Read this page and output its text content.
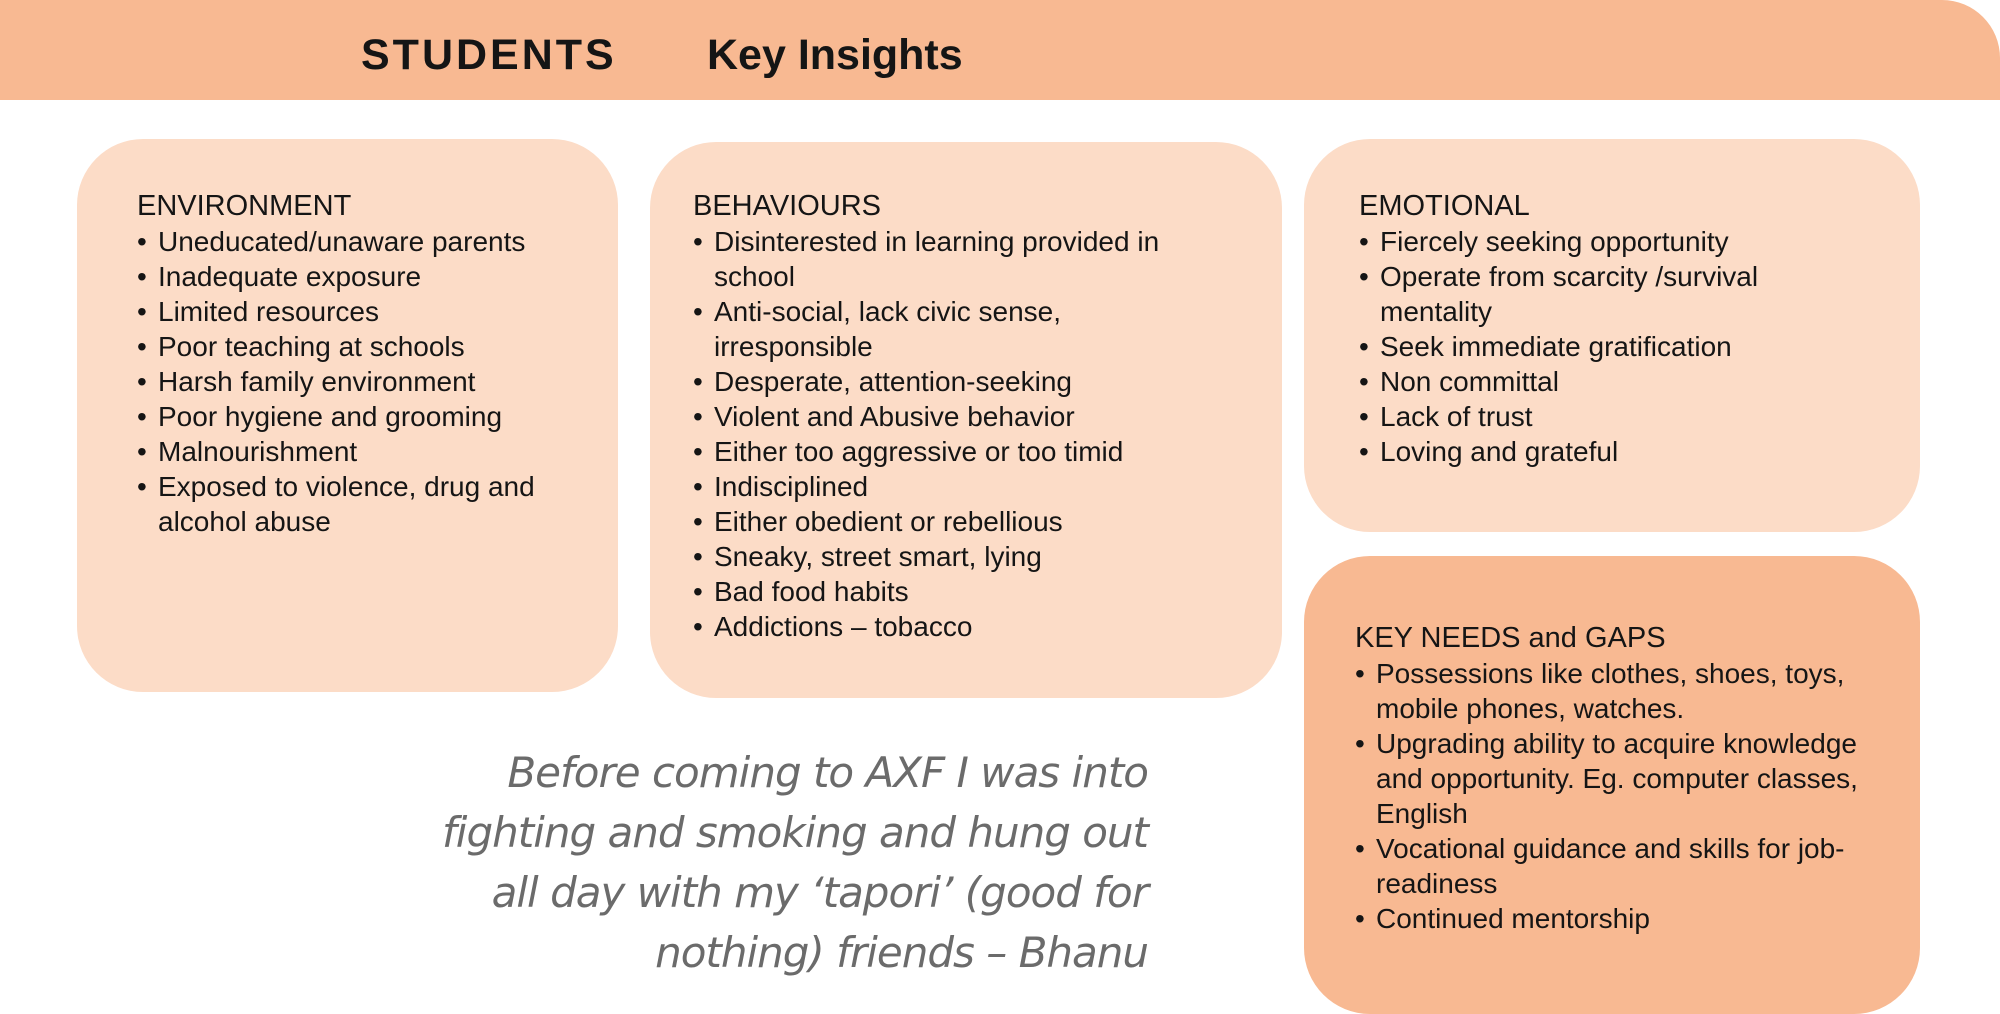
STUDENTS Key Insights
ENVIRONMENT
• Uneducated/unaware parents
• Inadequate exposure
• Limited resources
• Poor teaching at schools
• Harsh family environment
• Poor hygiene and grooming
• Malnourishment
• Exposed to violence, drug and alcohol abuse
BEHAVIOURS
• Disinterested in learning provided in school
• Anti-social, lack civic sense, irresponsible
• Desperate, attention-seeking
• Violent and Abusive behavior
• Either too aggressive or too timid
• Indisciplined
• Either obedient or rebellious
• Sneaky, street smart, lying
• Bad food habits
• Addictions – tobacco
EMOTIONAL
• Fiercely seeking opportunity
• Operate from scarcity /survival mentality
• Seek immediate gratification
• Non committal
• Lack of trust
• Loving and grateful
KEY NEEDS and GAPS
• Possessions like clothes, shoes, toys, mobile phones, watches.
• Upgrading ability to acquire knowledge and opportunity. Eg. computer classes, English
• Vocational guidance and skills for job-readiness
• Continued mentorship
Before coming to AXF I was into
fighting and smoking and hung out
all day with my ‘tapori’ (good for
nothing) friends – Bhanu
